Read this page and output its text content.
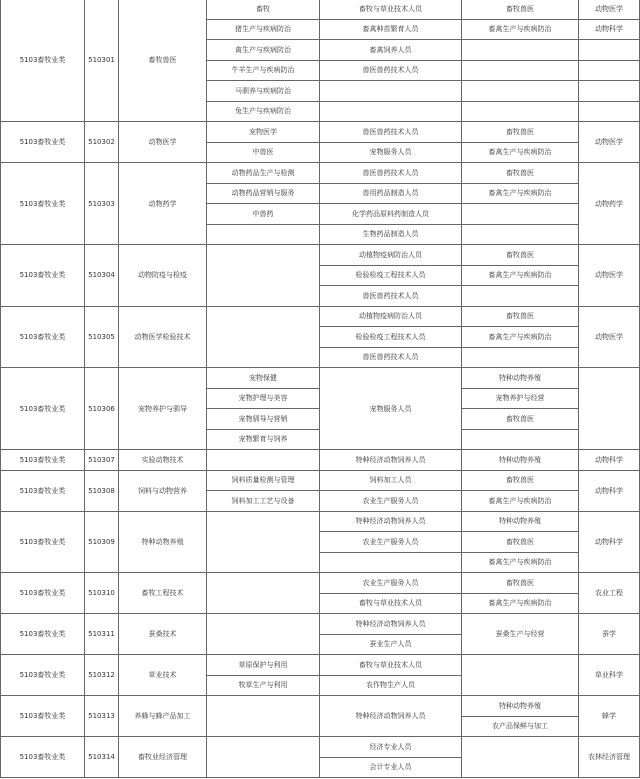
5103畜牧业类	510301	畜牧兽医	畜牧	畜牧与草业技术人员	畜牧兽医	动物医学
			猪生产与疾病防治	畜禽种苗繁育人员	畜禽生产与疾病防治	动物科学
			禽生产与疾病防治	畜禽饲养人员		
			牛羊生产与疾病防治	兽医兽药技术人员		
			马驯养与疾病防治			
			兔生产与疾病防治			
5103畜牧业类	510302	动物医学	宠物医学	兽医兽药技术人员	畜牧兽医	动物医学
			中兽医	宠物服务人员	畜禽生产与疾病防治	
5103畜牧业类	510303	动物药学	动物药品生产与检测	兽医兽药技术人员	畜牧兽医	动物药学
			动物药品营销与服务	兽用药品制造人员	畜禽生产与疾病防治	
			中兽药	化学药品原料药制造人员		
				生物药品制造人员		
5103畜牧业类	510304	动物防疫与检疫		动植物疫病防治人员	畜牧兽医	动物医学
				检验检疫工程技术人员	畜禽生产与疾病防治	
				兽医兽药技术人员		
5103畜牧业类	510305	动物医学检验技术		动植物疫病防治人员	畜牧兽医	动物医学
				检验检疫工程技术人员	畜禽生产与疾病防治	
				兽医兽药技术人员		
5103畜牧业类	510306	宠物养护与驯导	宠物保健	宠物服务人员	特种动物养殖	
			宠物护理与美容		宠物养护与经营	
			宠物驯导与营销		畜牧兽医	
			宠物繁育与饲养			
5103畜牧业类	510307	实验动物技术		特种经济动物饲养人员	特种动物养殖	动物科学
5103畜牧业类	510308	饲料与动物营养	饲料质量检测与管理	饲料加工人员	畜牧兽医	动物科学
			饲料加工工艺与设备	农业生产服务人员	畜禽生产与疾病防治	
5103畜牧业类	510309	特种动物养殖		特种经济动物饲养人员	特种动物养殖	动物科学
				农业生产服务人员	畜牧兽医	
					畜禽生产与疾病防治	
5103畜牧业类	510310	畜牧工程技术		农业生产服务人员	畜牧兽医	农业工程
				畜牧与草业技术人员	畜禽生产与疾病防治	
5103畜牧业类	510311	蚕桑技术		特种经济动物饲养人员	蚕桑生产与经营	蚕学
				蚕业生产人员		
5103畜牧业类	510312	草业技术	草原保护与利用	畜牧与草业技术人员		草业科学
			牧草生产与利用	农作物生产人员		
5103畜牧业类	510313	养蜂与蜂产品加工		特种经济动物饲养人员	特种动物养殖	蜂学
					农产品保鲜与加工	
5103畜牧业类	510314	畜牧业经济管理		经济专业人员		农林经济管理
				会计专业人员		
